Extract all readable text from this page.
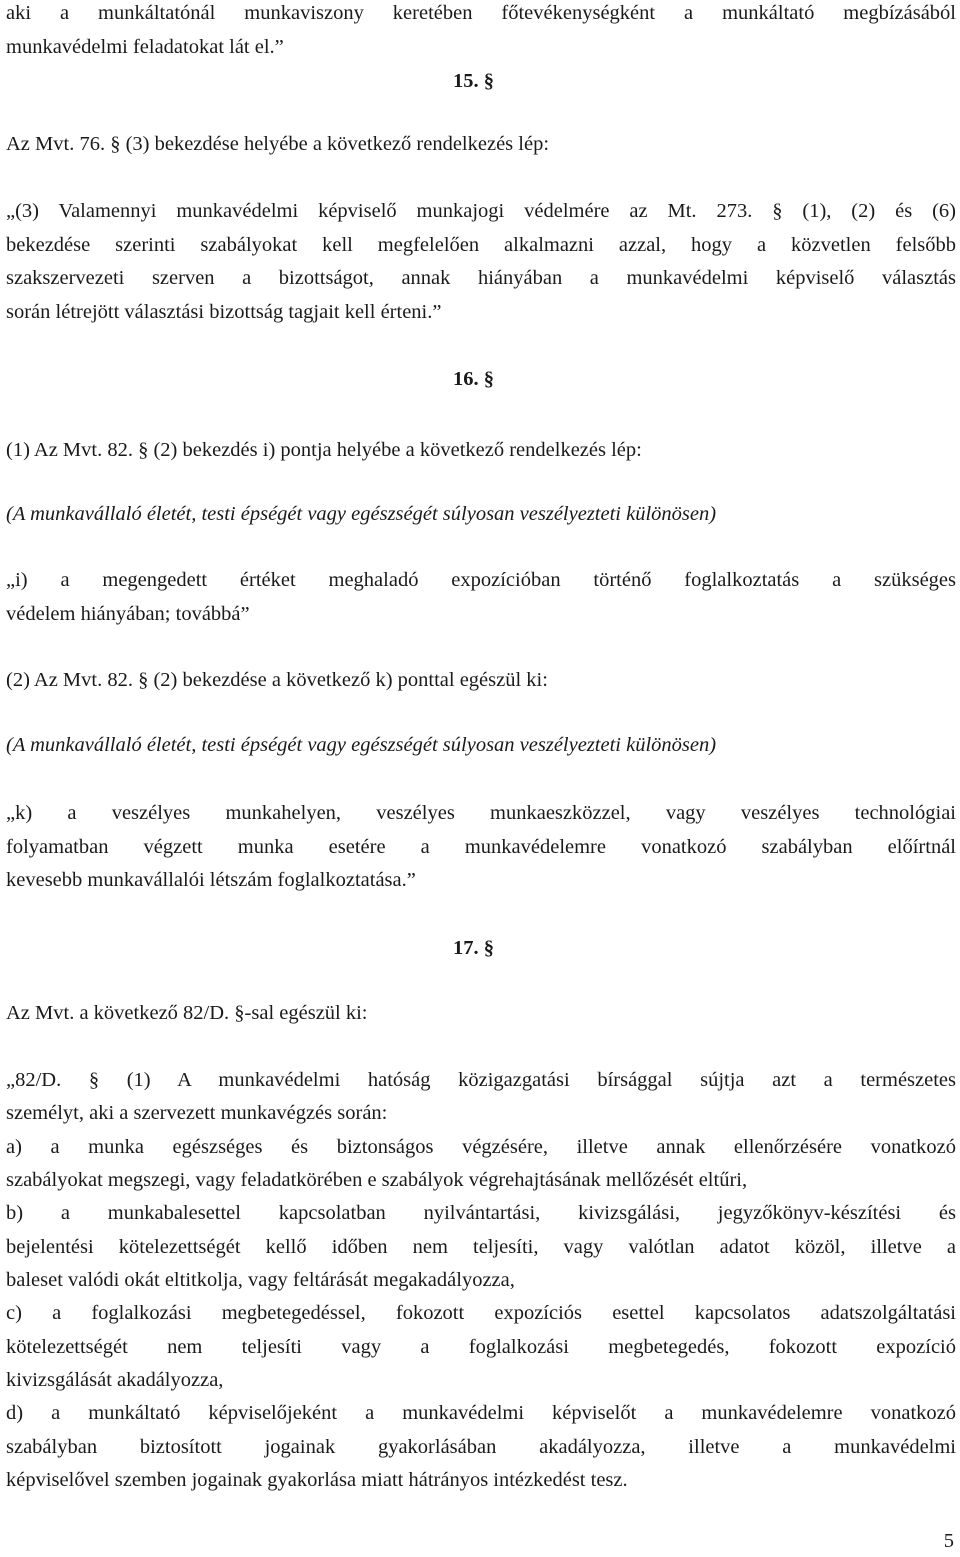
aki a munkáltatónál munkaviszony keretében főtevékenységként a munkáltató megbízásából
munkavédelmi feladatokat lát el.”
15. §
Az Mvt. 76. § (3) bekezdése helyébe a következő rendelkezés lép:
„(3) Valamennyi munkavédelmi képviselő munkajogi védelmére az Mt. 273. § (1), (2) és (6)
bekezdése szerinti szabályokat kell megfelelően alkalmazni azzal, hogy a közvetlen felsőbb
szakszervezeti szerven a bizottságot, annak hiányában a munkavédelmi képviselő választás
során létrejött választási bizottság tagjait kell érteni.”
16. §
(1) Az Mvt. 82. § (2) bekezdés i) pontja helyébe a következő rendelkezés lép:
(A munkavállaló életét, testi épségét vagy egészségét súlyosan veszélyezteti különösen)
„i) a megengedett értéket meghaladó expozícióban történő foglalkoztatás a szükséges
védelem hiányában; továbbá”
(2) Az Mvt. 82. § (2) bekezdése a következő k) ponttal egészül ki:
(A munkavállaló életét, testi épségét vagy egészségét súlyosan veszélyezteti különösen)
„k) a veszélyes munkahelyen, veszélyes munkaeszközzel, vagy veszélyes technológiai
folyamatban végzett munka esetére a munkavédelemre vonatkozó szabályban előírtnál
kevesebb munkavállalói létszám foglalkoztatása.”
17. §
Az Mvt. a következő 82/D. §-sal egészül ki:
„82/D. § (1) A munkavédelmi hatóság közigazgatási bírsággal sújtja azt a természetes
személyt, aki a szervezett munkavégzés során:
a) a munka egészséges és biztonságos végzésére, illetve annak ellenőrzésére vonatkozó
szabályokat megszegi, vagy feladatkörében e szabályok végrehajtásának mellőzését eltűri,
b) a munkabalesettel kapcsolatban nyilvántartási, kivizsgálási, jegyzőkönyv-készítési és
bejelentési kötelezettségét kellő időben nem teljesíti, vagy valótlan adatot közöl, illetve a
baleset valódi okát eltitkolja, vagy feltárását megakadályozza,
c) a foglalkozási megbetegedéssel, fokozott expozíciós esettel kapcsolatos adatszolgáltatási
kötelezettségét nem teljesíti vagy a foglalkozási megbetegedés, fokozott expozíció
kivizsgálását akadályozza,
d) a munkáltató képviselőjeként a munkavédelmi képviselőt a munkavédelemre vonatkozó
szabályban biztosított jogainak gyakorlásában akadályozza, illetve a munkavédelmi
képviselővel szemben jogainak gyakorlása miatt hátrányos intézkedést tesz.
5
